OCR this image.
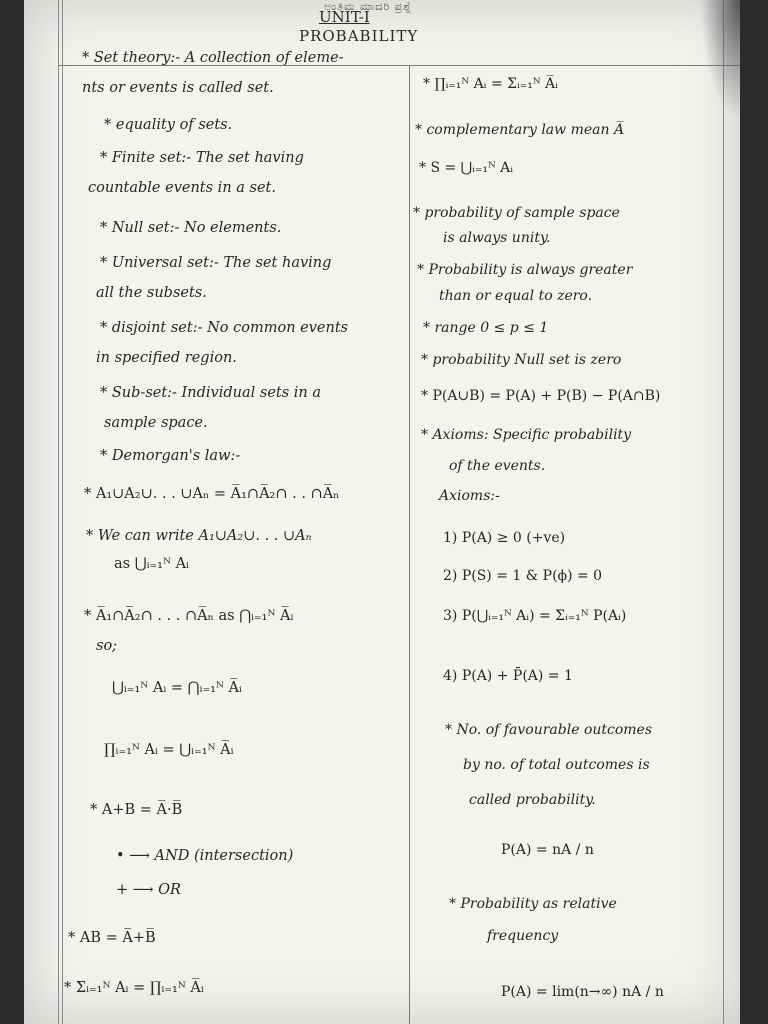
ಅಂತಿಮ ಮಾದರಿ ಪ್ರಶ್ನೆ
UNIT-I
PROBABILITY
* Set theory:- A collection of eleme-
nts or events is called set.
* equality of sets.
* Finite set:- The set having
countable events in a set.
* Null set:- No elements.
* Universal set:- The set having
all the subsets.
* disjoint set:- No common events
in specified region.
* Sub-set:- Individual sets in a
sample space.
* Demorgan's law:-
* A₁∪A₂∪. . . ∪Aₙ = A̅₁∩A̅₂∩ . . ∩A̅ₙ
* We can write A₁∪A₂∪. . . ∪Aₙ
as ⋃ᵢ₌₁ᴺ Aᵢ
* A̅₁∩A̅₂∩ . . . ∩A̅ₙ as ⋂ᵢ₌₁ᴺ A̅ᵢ
so;
⋃ᵢ₌₁ᴺ Aᵢ = ⋂ᵢ₌₁ᴺ A̅ᵢ
∏ᵢ₌₁ᴺ Aᵢ = ⋃ᵢ₌₁ᴺ A̅ᵢ
* A+B = A̅·B̅
• ⟶ AND (intersection)
+ ⟶ OR
* AB = A̅+B̅
* Σᵢ₌₁ᴺ Aᵢ = ∏ᵢ₌₁ᴺ A̅ᵢ
* ∏ᵢ₌₁ᴺ Aᵢ = Σᵢ₌₁ᴺ A̅ᵢ
* complementary law mean A̅
* S = ⋃ᵢ₌₁ᴺ Aᵢ
* probability of sample space
is always unity.
* Probability is always greater
than or equal to zero.
* range 0 ≤ p ≤ 1
* probability Null set is zero
* P(A∪B) = P(A) + P(B) − P(A∩B)
* Axioms: Specific probability
of the events.
Axioms:-
1) P(A) ≥ 0 (+ve)
2) P(S) = 1 & P(ϕ) = 0
3) P(⋃ᵢ₌₁ᴺ Aᵢ) = Σᵢ₌₁ᴺ P(Aᵢ)
4) P(A) + P̄(A) = 1
* No. of favourable outcomes
by no. of total outcomes is
called probability.
P(A) = nA / n
* Probability as relative
frequency
P(A) = lim(n→∞) nA / n
